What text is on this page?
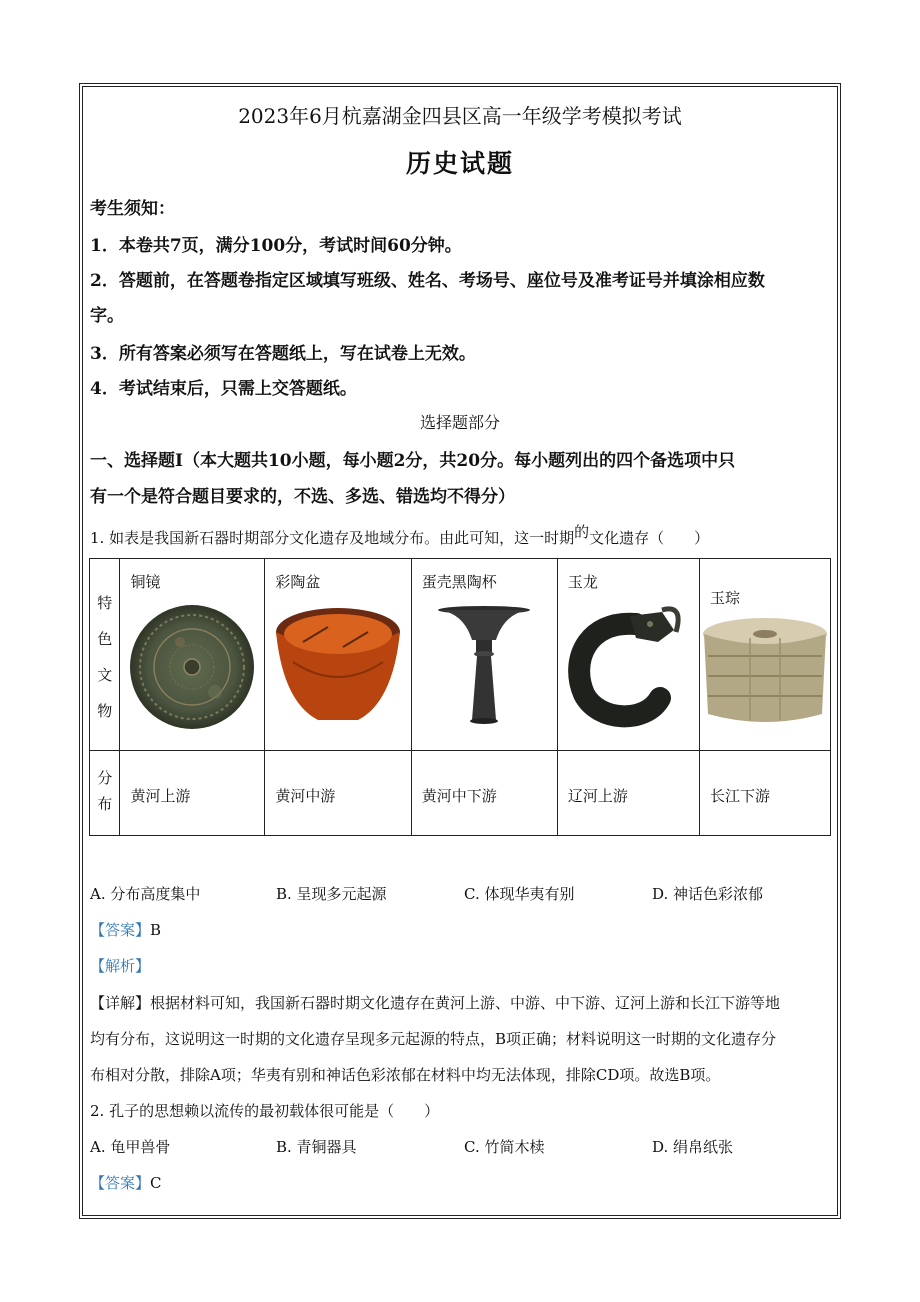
2023年6月杭嘉湖金四县区高一年级学考模拟考试
历史试题
考生须知：
1．本卷共7页，满分100分，考试时间60分钟。
2．答题前，在答题卷指定区域填写班级、姓名、考场号、座位号及准考证号并填涂相应数
字。
3．所有答案必须写在答题纸上，写在试卷上无效。
4．考试结束后，只需上交答题纸。
选择题部分
一、选择题Ⅰ（本大题共10小题，每小题2分，共20分。每小题列出的四个备选项中只
有一个是符合题目要求的，不选、多选、错选均不得分）
1. 如表是我国新石器时期部分文化遗存及地域分布。由此可知，这一时期的文化遗存（　　）
特
色
文
物	铜镜	彩陶盆	蛋壳黑陶杯	玉龙	玉琮

分
布	黄河上游	黄河中游	黄河中下游	辽河上游	长江下游
A. 分布高度集中	B. 呈现多元起源	C. 体现华夷有别	D. 神话色彩浓郁
【答案】B
【解析】
【详解】根据材料可知，我国新石器时期文化遗存在黄河上游、中游、中下游、辽河上游和长江下游等地
均有分布，这说明这一时期的文化遗存呈现多元起源的特点，B项正确；材料说明这一时期的文化遗存分
布相对分散，排除A项；华夷有别和神话色彩浓郁在材料中均无法体现，排除CD项。故选B项。
2. 孔子的思想赖以流传的最初载体很可能是（　　）
A. 龟甲兽骨	B. 青铜器具	C. 竹简木椟	D. 绢帛纸张
【答案】C
